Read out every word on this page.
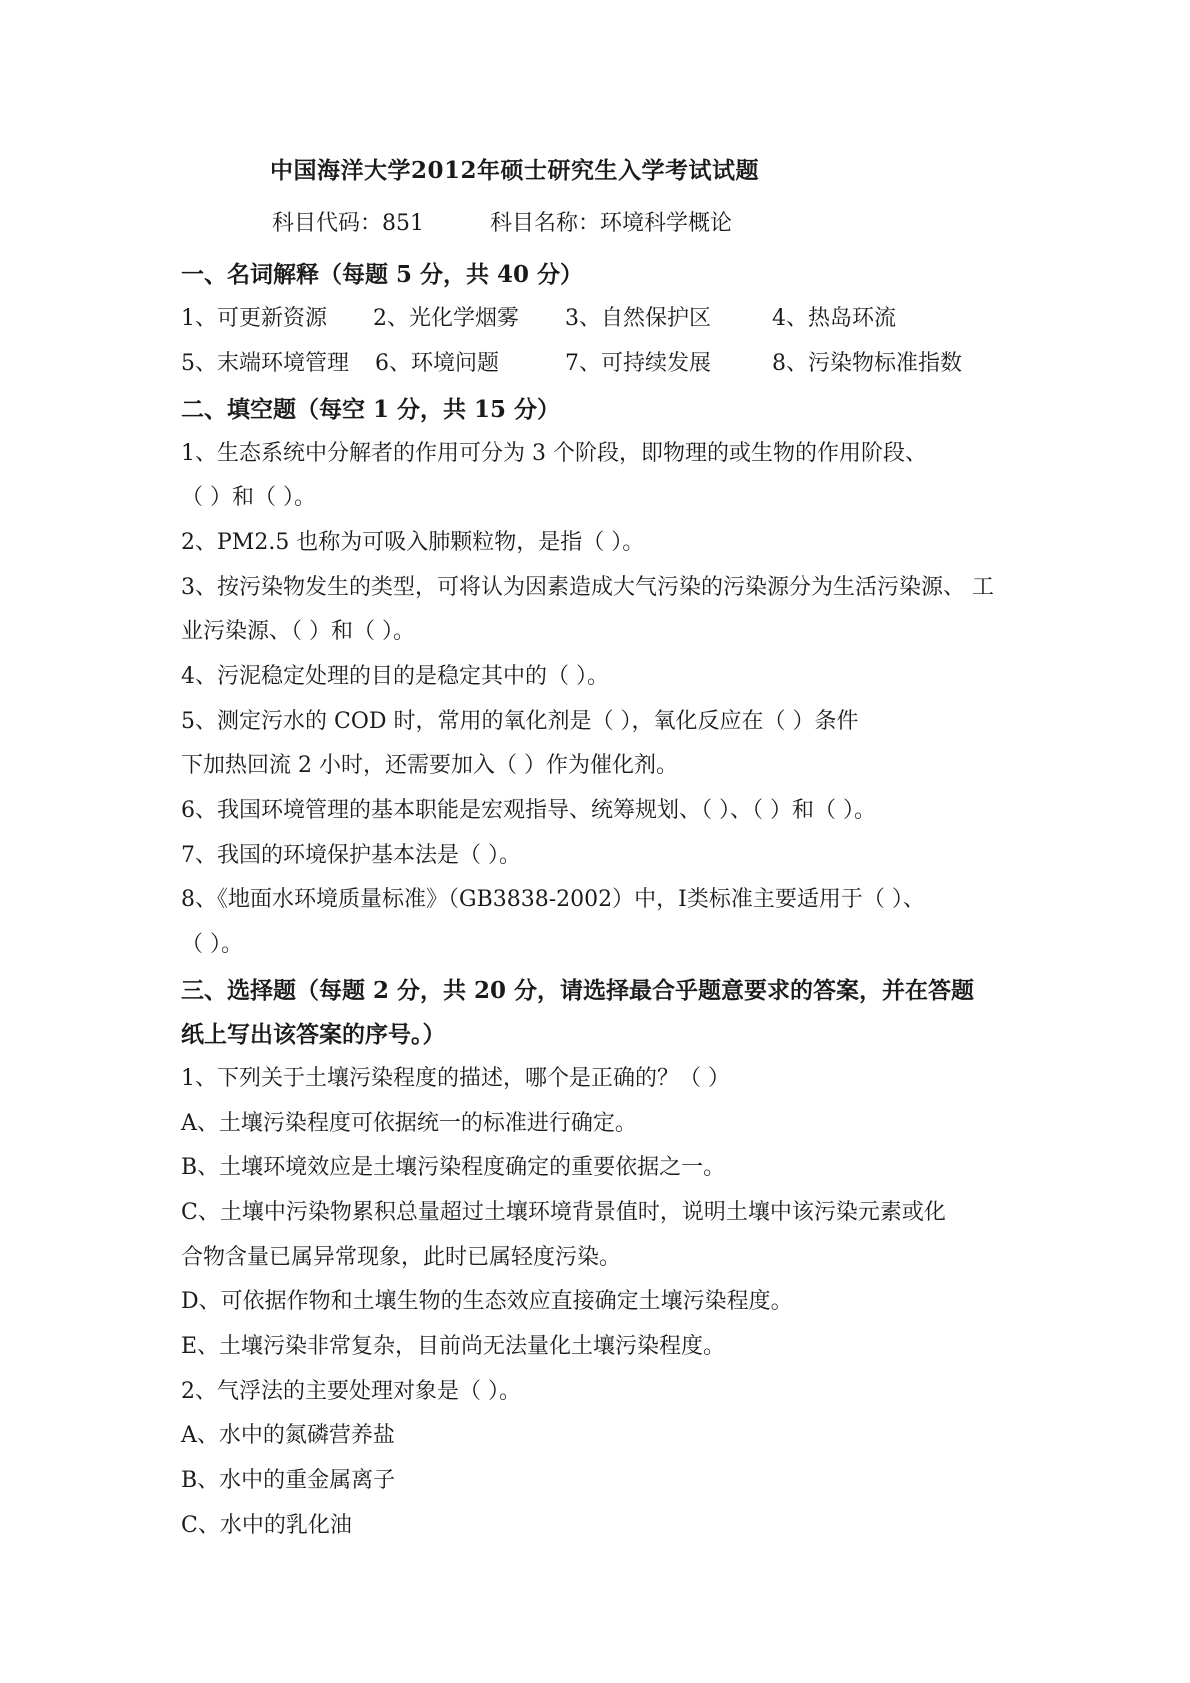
中国海洋大学2012年硕士研究生入学考试试题
科目代码：851	科目名称：环境科学概论
一、名词解释（每题 5 分，共 40 分）
1、可更新资源 2、光化学烟雾 3、自然保护区	4、热岛环流
5、末端环境管理 6、环境问题	7、可持续发展	8、污染物标准指数
二、填空题（每空 1 分，共 15 分）
1、生态系统中分解者的作用可分为 3 个阶段，即物理的或生物的作用阶段、
（ ）和（ ）。
2、PM2.5 也称为可吸入肺颗粒物，是指（ ）。
3、按污染物发生的类型，可将认为因素造成大气污染的污染源分为生活污染源、 工
业污染源、（ ）和（ ）。
4、污泥稳定处理的目的是稳定其中的（ ）。
5、测定污水的 COD 时，常用的氧化剂是（ ），氧化反应在（ ）条件
下加热回流 2 小时，还需要加入（ ）作为催化剂。
6、我国环境管理的基本职能是宏观指导、统筹规划、（ ）、（ ）和（ ）。
7、我国的环境保护基本法是（ ）。
8、《地面水环境质量标准》（GB3838-2002）中，Ⅰ类标准主要适用于（ ）、
（ ）。
三、选择题（每题 2 分，共 20 分，请选择最合乎题意要求的答案，并在答题
纸上写出该答案的序号。）
1、下列关于土壤污染程度的描述，哪个是正确的？（ ）
A、土壤污染程度可依据统一的标准进行确定。
B、土壤环境效应是土壤污染程度确定的重要依据之一。
C、土壤中污染物累积总量超过土壤环境背景值时，说明土壤中该污染元素或化
合物含量已属异常现象，此时已属轻度污染。
D、可依据作物和土壤生物的生态效应直接确定土壤污染程度。
E、土壤污染非常复杂，目前尚无法量化土壤污染程度。
2、气浮法的主要处理对象是（ ）。
A、水中的氮磷营养盐
B、水中的重金属离子
C、水中的乳化油
